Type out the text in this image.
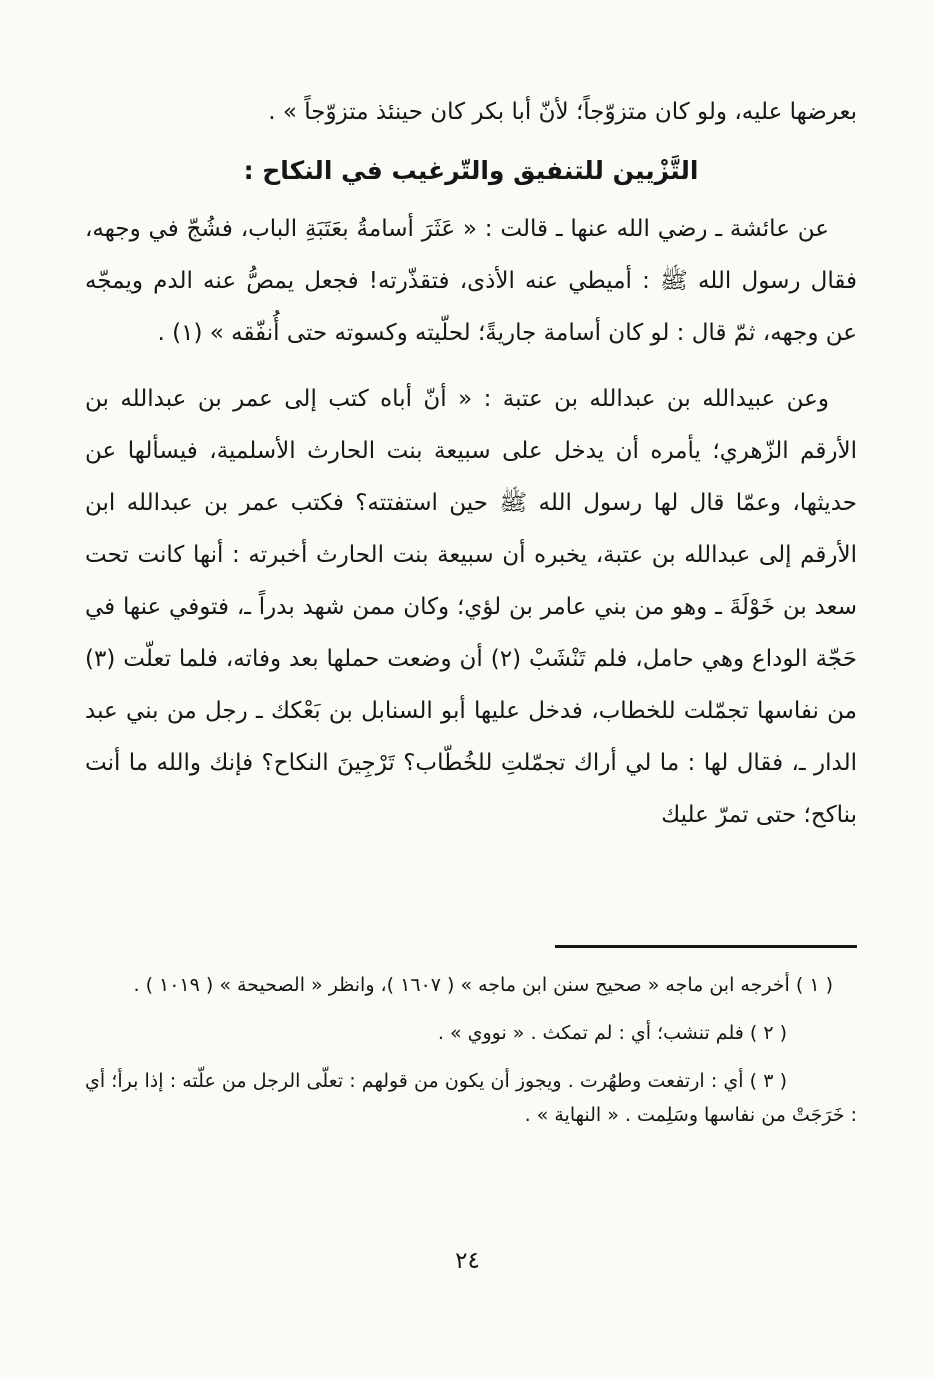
بعرضها عليه، ولو كان متزوّجاً؛ لأنّ أبا بكر كان حينئذ متزوّجاً » .

التَّزْيين للتنفيق والتّرغيب في النكاح :

عن عائشة ـ رضي الله عنها ـ قالت : « عَثَرَ أسامةُ بعَتَبَةِ الباب، فشُجّ في وجهه، فقال رسول الله ﷺ : أميطي عنه الأذى، فتقذّرته! فجعل يمصُّ عنه الدم ويمجّه عن وجهه، ثمّ قال : لو كان أسامة جاريةً؛ لحلّيته وكسوته حتى أُنفّقه » (١) .

وعن عبيدالله بن عبدالله بن عتبة : « أنّ أباه كتب إلى عمر بن عبدالله بن الأرقم الزّهري؛ يأمره أن يدخل على سبيعة بنت الحارث الأسلمية، فيسألها عن حديثها، وعمّا قال لها رسول الله ﷺ حين استفتته؟ فكتب عمر بن عبدالله ابن الأرقم إلى عبدالله بن عتبة، يخبره أن سبيعة بنت الحارث أخبرته : أنها كانت تحت سعد بن خَوْلَةَ ـ وهو من بني عامر بن لؤي؛ وكان ممن شهد بدراً ـ، فتوفي عنها في حَجّة الوداع وهي حامل، فلم تَنْشَبْ (٢) أن وضعت حملها بعد وفاته، فلما تعلّت (٣) من نفاسها تجمّلت للخطاب، فدخل عليها أبو السنابل بن بَعْكك ـ رجل من بني عبد الدار ـ، فقال لها : ما لي أراك تجمّلتِ للخُطّاب؟ تَرْجِينَ النكاح؟ فإنك والله ما أنت بناكح؛ حتى تمرّ عليك

( ١ ) أخرجه ابن ماجه « صحيح سنن ابن ماجه » ( ١٦٠٧ )، وانظر « الصحيحة » ( ١٠١٩ ) .

( ٢ ) فلم تنشب؛ أي : لم تمكث . « نووي » .

( ٣ ) أي : ارتفعت وطهُرت . ويجوز أن يكون من قولهم : تعلّى الرجل من علّته : إذا برأ؛ أي : خَرَجَتْ من نفاسها وسَلِمت . « النهاية » .

٢٤
